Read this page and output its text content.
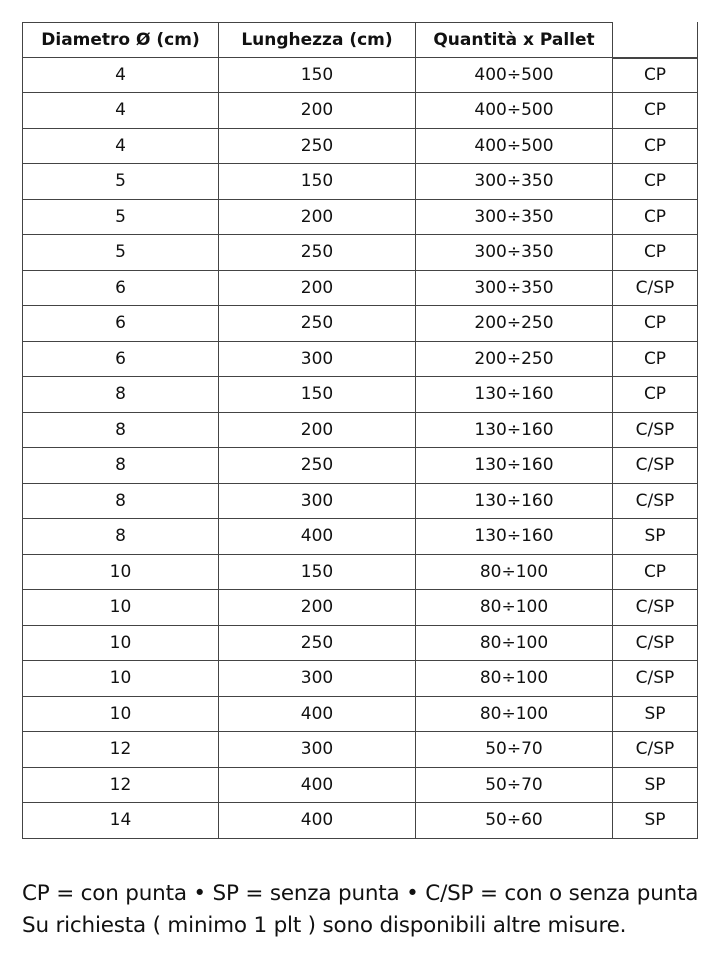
Diametro Ø (cm)	Lunghezza (cm)	Quantità x Pallet
4	150	400÷500	CP
4	200	400÷500	CP
4	250	400÷500	CP
5	150	300÷350	CP
5	200	300÷350	CP
5	250	300÷350	CP
6	200	300÷350	C/SP
6	250	200÷250	CP
6	300	200÷250	CP
8	150	130÷160	CP
8	200	130÷160	C/SP
8	250	130÷160	C/SP
8	300	130÷160	C/SP
8	400	130÷160	SP
10	150	80÷100	CP
10	200	80÷100	C/SP
10	250	80÷100	C/SP
10	300	80÷100	C/SP
10	400	80÷100	SP
12	300	50÷70	C/SP
12	400	50÷70	SP
14	400	50÷60	SP
CP = con punta • SP = senza punta • C/SP = con o senza punta
Su richiesta ( minimo 1 plt ) sono disponibili altre misure.
